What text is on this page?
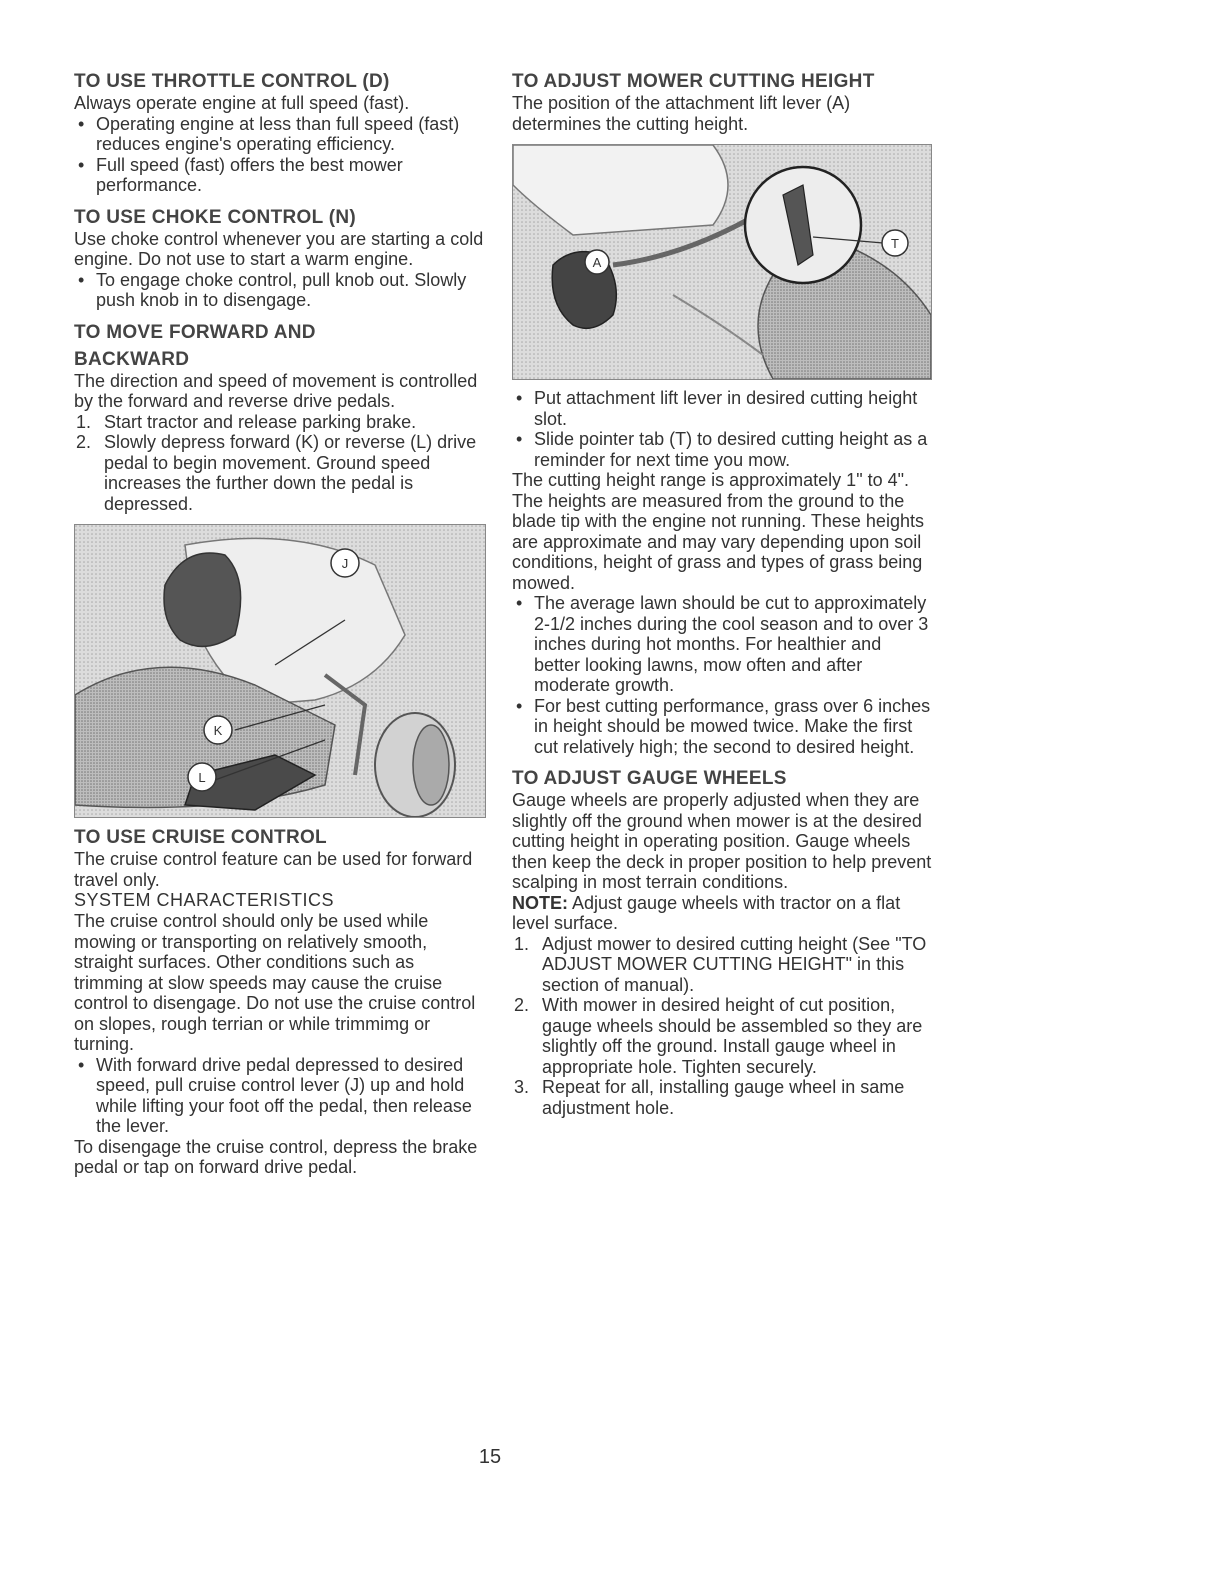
TO USE THROTTLE CONTROL (D)

Always operate engine at full speed (fast).

• Operating engine at less than full speed (fast) reduces engine's operating efficiency.
• Full speed (fast) offers the best mower performance.
TO USE CHOKE CONTROL (N)

Use choke control whenever you are starting a cold engine. Do not use to start a warm engine.

• To engage choke control, pull knob out. Slowly push knob in to disengage.
TO MOVE FORWARD AND
BACKWARD

The direction and speed of movement is controlled by the forward and reverse drive pedals.

1. Start tractor and release parking brake.
2. Slowly depress forward (K) or reverse (L) drive pedal to begin movement. Ground speed increases the further down the pedal is depressed.
J
K
L
TO USE CRUISE CONTROL

The cruise control feature can be used for forward travel only.

SYSTEM CHARACTERISTICS

The cruise control should only be used while mowing or transporting on relatively smooth, straight surfaces. Other conditions such as trimming at slow speeds may cause the cruise control to disengage. Do not use the cruise control on slopes, rough terrian or while trimmimg or turning.

• With forward drive pedal depressed to desired speed, pull cruise control lever (J) up and hold while lifting your foot off the pedal, then release the lever.

To disengage the cruise control, depress the brake pedal or tap on forward drive pedal.

TO ADJUST MOWER CUTTING HEIGHT

The position of the attachment lift lever (A) determines the cutting height.

A
T
• Put attachment lift lever in desired cutting height slot.
• Slide pointer tab (T) to desired cutting height as a reminder for next time you mow.

The cutting height range is approximately 1" to 4". The heights are measured from the ground to the blade tip with the engine not running. These heights are approximate and may vary depending upon soil conditions, height of grass and types of grass being mowed.

• The average lawn should be cut to approximately 2-1/2 inches during the cool season and to over 3 inches during hot months. For healthier and better looking lawns, mow often and after moderate growth.
• For best cutting performance, grass over 6 inches in height should be mowed twice. Make the first cut relatively high; the second to desired height.
TO ADJUST GAUGE WHEELS

Gauge wheels are properly adjusted when they are slightly off the ground when mower is at the desired cutting height in operating position. Gauge wheels then keep the deck in proper position to help prevent scalping in most terrain conditions.

NOTE: Adjust gauge wheels with tractor on a flat level surface.

1. Adjust mower to desired cutting height (See "TO ADJUST MOWER CUTTING HEIGHT" in this section of manual).
2. With mower in desired height of cut position, gauge wheels should be assembled so they are slightly off the ground. Install gauge wheel in appropriate hole. Tighten securely.
3. Repeat for all, installing gauge wheel in same adjustment hole.
15
